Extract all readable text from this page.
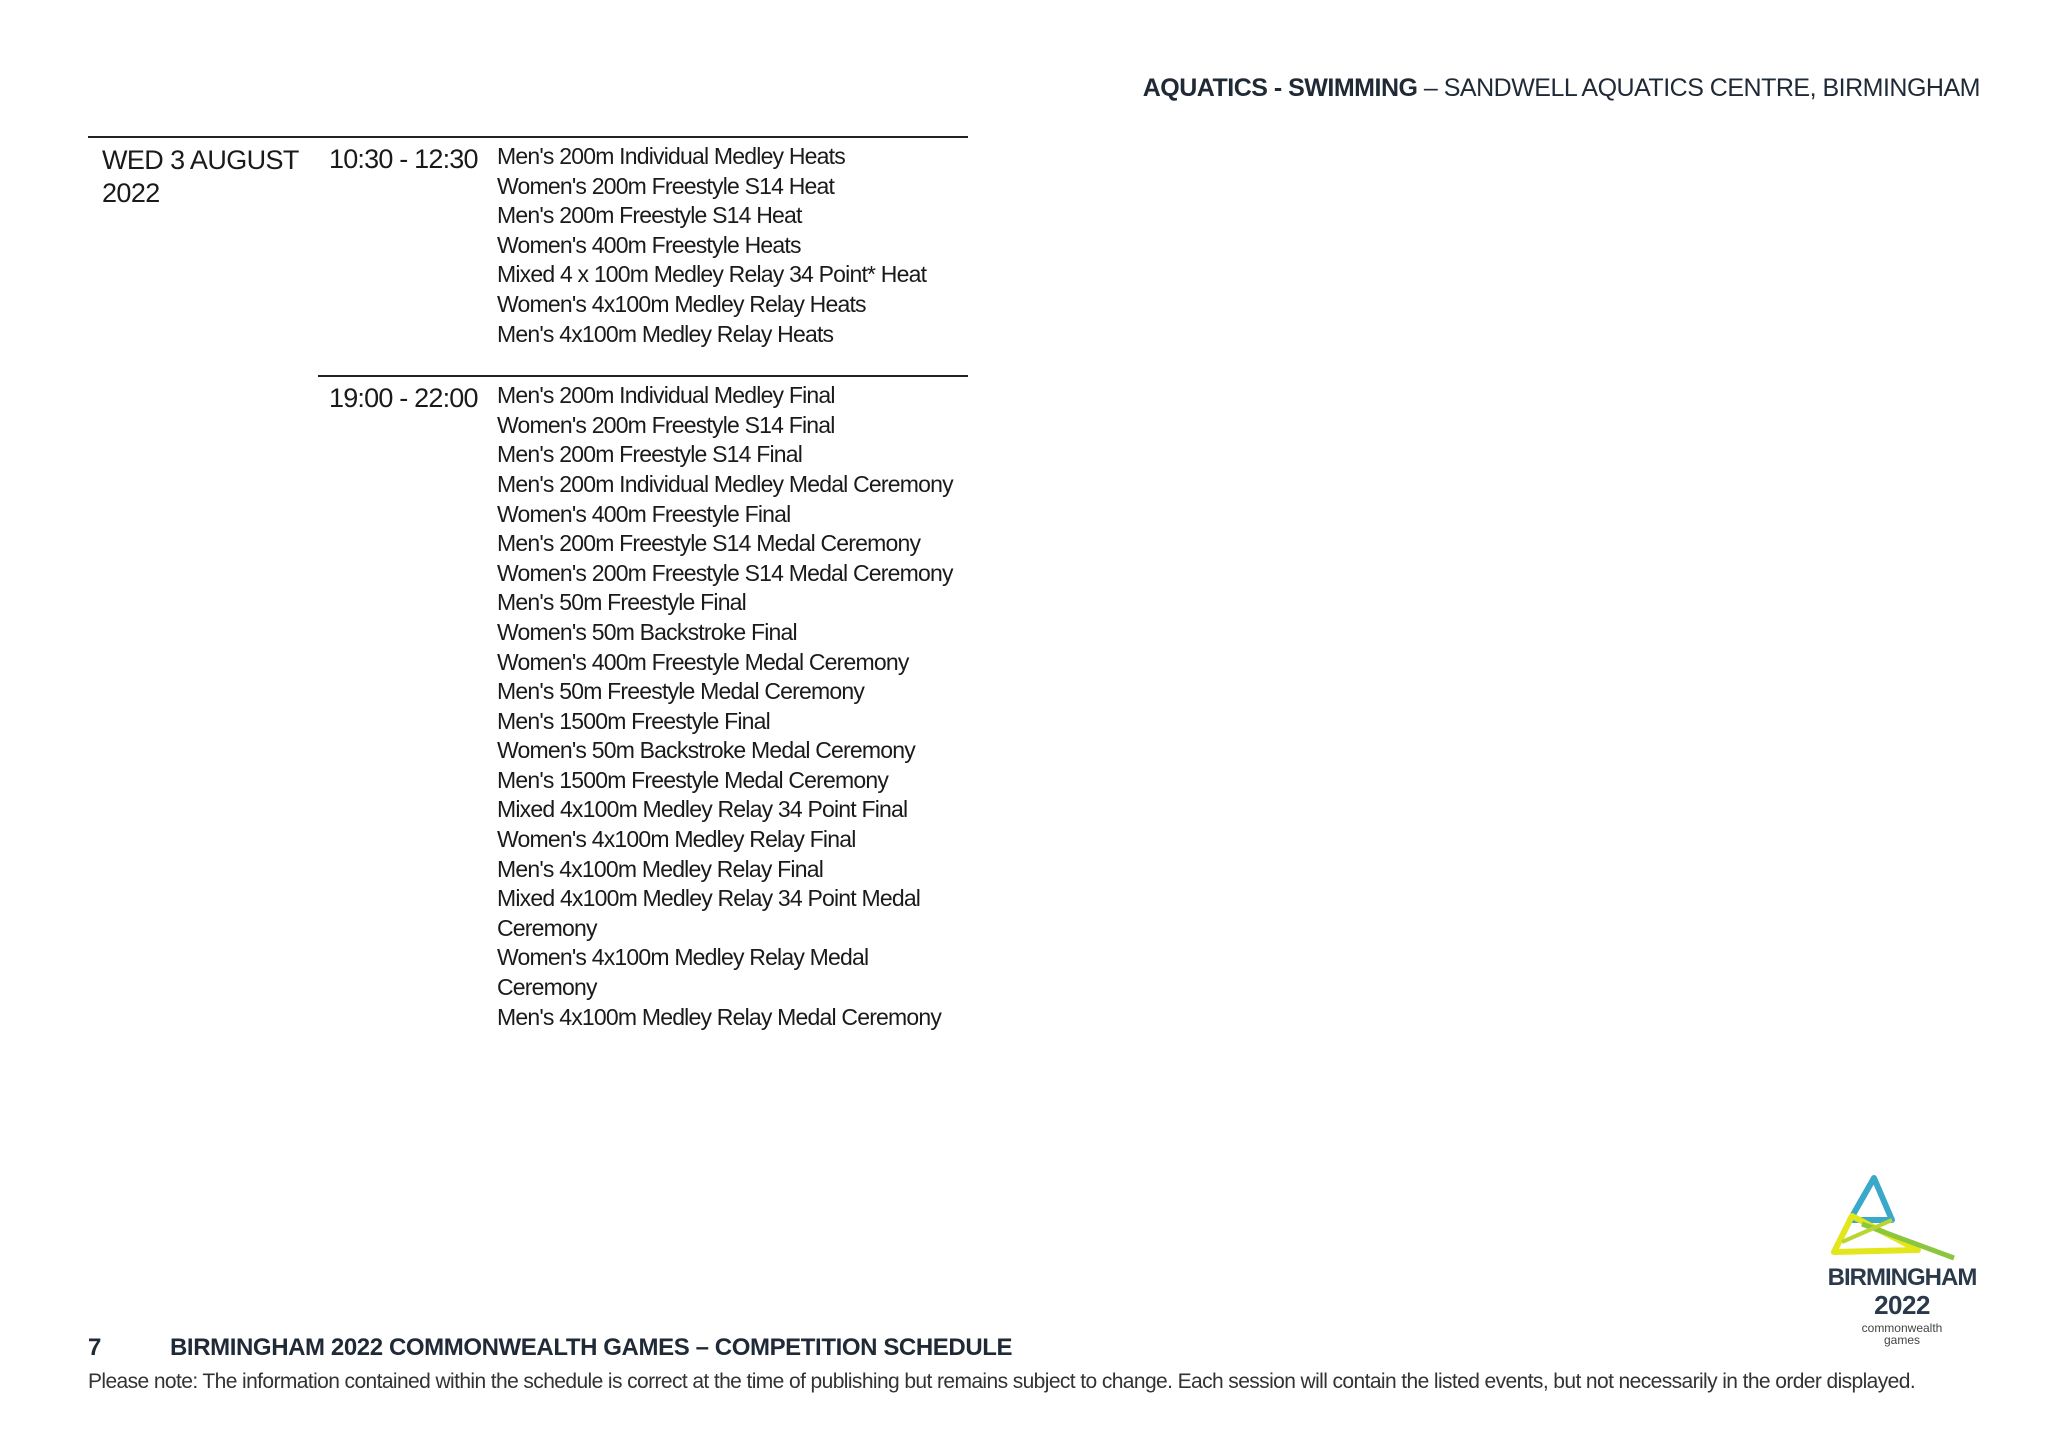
AQUATICS - SWIMMING – SANDWELL AQUATICS CENTRE, BIRMINGHAM
WED 3 AUGUST 2022
10:30 - 12:30 Men's 200m Individual Medley Heats
Women's 200m Freestyle S14 Heat
Men's 200m Freestyle S14 Heat
Women's 400m Freestyle Heats
Mixed 4 x 100m Medley Relay 34 Point* Heat
Women's 4x100m Medley Relay Heats
Men's 4x100m Medley Relay Heats
19:00 - 22:00 Men's 200m Individual Medley Final
Women's 200m Freestyle S14 Final
Men's 200m Freestyle S14 Final
Men's 200m Individual Medley Medal Ceremony
Women's 400m Freestyle Final
Men's 200m Freestyle S14 Medal Ceremony
Women's 200m Freestyle S14 Medal Ceremony
Men's 50m Freestyle Final
Women's 50m Backstroke Final
Women's 400m Freestyle Medal Ceremony
Men's 50m Freestyle Medal Ceremony
Men's 1500m Freestyle Final
Women's 50m Backstroke Medal Ceremony
Men's 1500m Freestyle Medal Ceremony
Mixed 4x100m Medley Relay 34 Point Final
Women's 4x100m Medley Relay Final
Men's 4x100m Medley Relay Final
Mixed 4x100m Medley Relay 34 Point Medal Ceremony
Women's 4x100m Medley Relay Medal Ceremony
Men's 4x100m Medley Relay Medal Ceremony
7	BIRMINGHAM 2022 COMMONWEALTH GAMES – COMPETITION SCHEDULE
Please note: The information contained within the schedule is correct at the time of publishing but remains subject to change. Each session will contain the listed events, but not necessarily in the order displayed.
BIRMINGHAM
2022
commonwealth
games
